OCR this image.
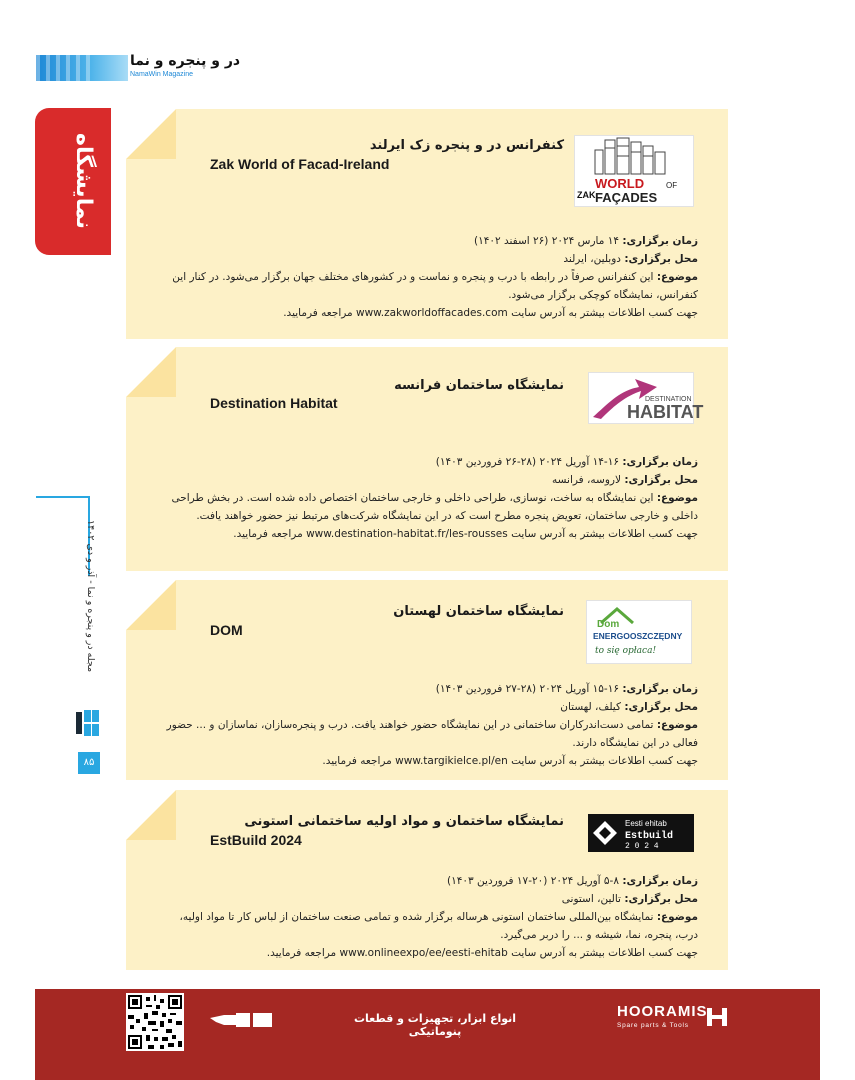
در و پنجره و نما
NamaWin Magazine
نمایشگاه
مجله در و پنجره و نما - آذر و دی ۱۴۰۲
۸۵
WORLD	OF
FAÇADES
ZAK
کنفرانس در و پنجره زک ایرلند
Zak World of Facad-Ireland

زمان برگزاری: ۱۴ مارس ۲۰۲۴ (۲۶ اسفند ۱۴۰۲)

محل برگزاری: دوبلین، ایرلند

موضوع: این کنفرانس صرفاً در رابطه با درب و پنجره و نماست و در کشورهای مختلف جهان برگزار می‌شود. در کنار این کنفرانس، نمایشگاه کوچکی برگزار می‌شود.

جهت کسب اطلاعات بیشتر به آدرس سایت www.zakworldoffacades.com مراجعه فرمایید.

DESTINATION
HABITAT
نمایشگاه ساختمان فرانسه
Destination Habitat

زمان برگزاری: ۱۶-۱۴ آوریل ۲۰۲۴ (۲۸-۲۶ فروردین ۱۴۰۳)

محل برگزاری: لاروسه، فرانسه

موضوع: این نمایشگاه به ساخت، نوسازی، طراحی داخلی و خارجی ساختمان اختصاص داده شده است. در بخش طراحی داخلی و خارجی ساختمان، تعویض پنجره مطرح است که در این نمایشگاه شرکت‌های مرتبط نیز حضور خواهند یافت.

جهت کسب اطلاعات بیشتر به آدرس سایت www.destination-habitat.fr/les-rousses مراجعه فرمایید.

Dom
ENERGOOSZCZĘDNY
to się opłaca!
نمایشگاه ساختمان لهستان
DOM

زمان برگزاری: ۱۶-۱۵ آوریل ۲۰۲۴ (۲۸-۲۷ فروردین ۱۴۰۳)

محل برگزاری: کیلف، لهستان

موضوع: تمامی دست‌اندرکاران ساختمانی در این نمایشگاه حضور خواهند یافت. درب و پنجره‌سازان، نماسازان و ... حضور فعالی در این نمایشگاه دارند.

جهت کسب اطلاعات بیشتر به آدرس سایت www.targikielce.pl/en مراجعه فرمایید.

Eesti ehitab
Estbuild
2 0 2 4
نمایشگاه ساختمان و مواد اولیه ساختمانی استونی
EstBuild 2024

زمان برگزاری: ۸-۵ آوریل ۲۰۲۴ (۲۰-۱۷ فروردین ۱۴۰۳)

محل برگزاری: تالین، استونی

موضوع: نمایشگاه بین‌المللی ساختمان استونی هرساله برگزار شده و تمامی صنعت ساختمان از لباس کار تا مواد اولیه، درب، پنجره، نما، شیشه و ... را دربر می‌گیرد.

جهت کسب اطلاعات بیشتر به آدرس سایت www.onlineexpo/ee/eesti-ehitab مراجعه فرمایید.

انواع ابزار، تجهیزات و قطعات پنوماتیکی
HOORAMIS
Spare parts & Tools
